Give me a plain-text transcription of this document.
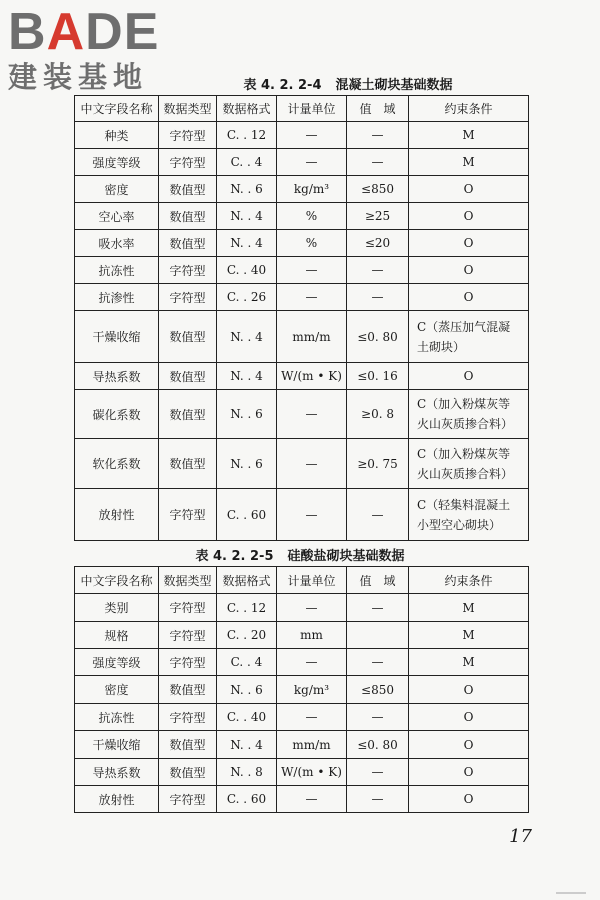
BADE
建装基地	表 4. 2. 2-4 混凝土砌块基础数据
中文字段名称	数据类型	数据格式	计量单位	值　域	约束条件
种类	字符型	C. . 12	—	—	M
强度等级	字符型	C. . 4	—	—	M
密度	数值型	N. . 6	kg/m³	≤850	O
空心率	数值型	N. . 4	%	≥25	O
吸水率	数值型	N. . 4	%	≤20	O
抗冻性	字符型	C. . 40	—	—	O
抗渗性	字符型	C. . 26	—	—	O
干燥收缩	数值型	N. . 4	mm/m	≤0. 80	C（蒸压加气混凝土砌块）
导热系数	数值型	N. . 4	W/(m • K)	≤0. 16	O
碳化系数	数值型	N. . 6	—	≥0. 8	C（加入粉煤灰等火山灰质掺合料）
软化系数	数值型	N. . 6	—	≥0. 75	C（加入粉煤灰等火山灰质掺合料）
放射性	字符型	C. . 60	—	—	C（轻集料混凝土小型空心砌块）
表 4. 2. 2-5 硅酸盐砌块基础数据
中文字段名称	数据类型	数据格式	计量单位	值　域	约束条件
类别	字符型	C. . 12	—	—	M
规格	字符型	C. . 20	mm		M
强度等级	字符型	C. . 4	—	—	M
密度	数值型	N. . 6	kg/m³	≤850	O
抗冻性	字符型	C. . 40	—	—	O
干燥收缩	数值型	N. . 4	mm/m	≤0. 80	O
导热系数	数值型	N. . 8	W/(m • K)	—	O
放射性	字符型	C. . 60	—	—	O
17
